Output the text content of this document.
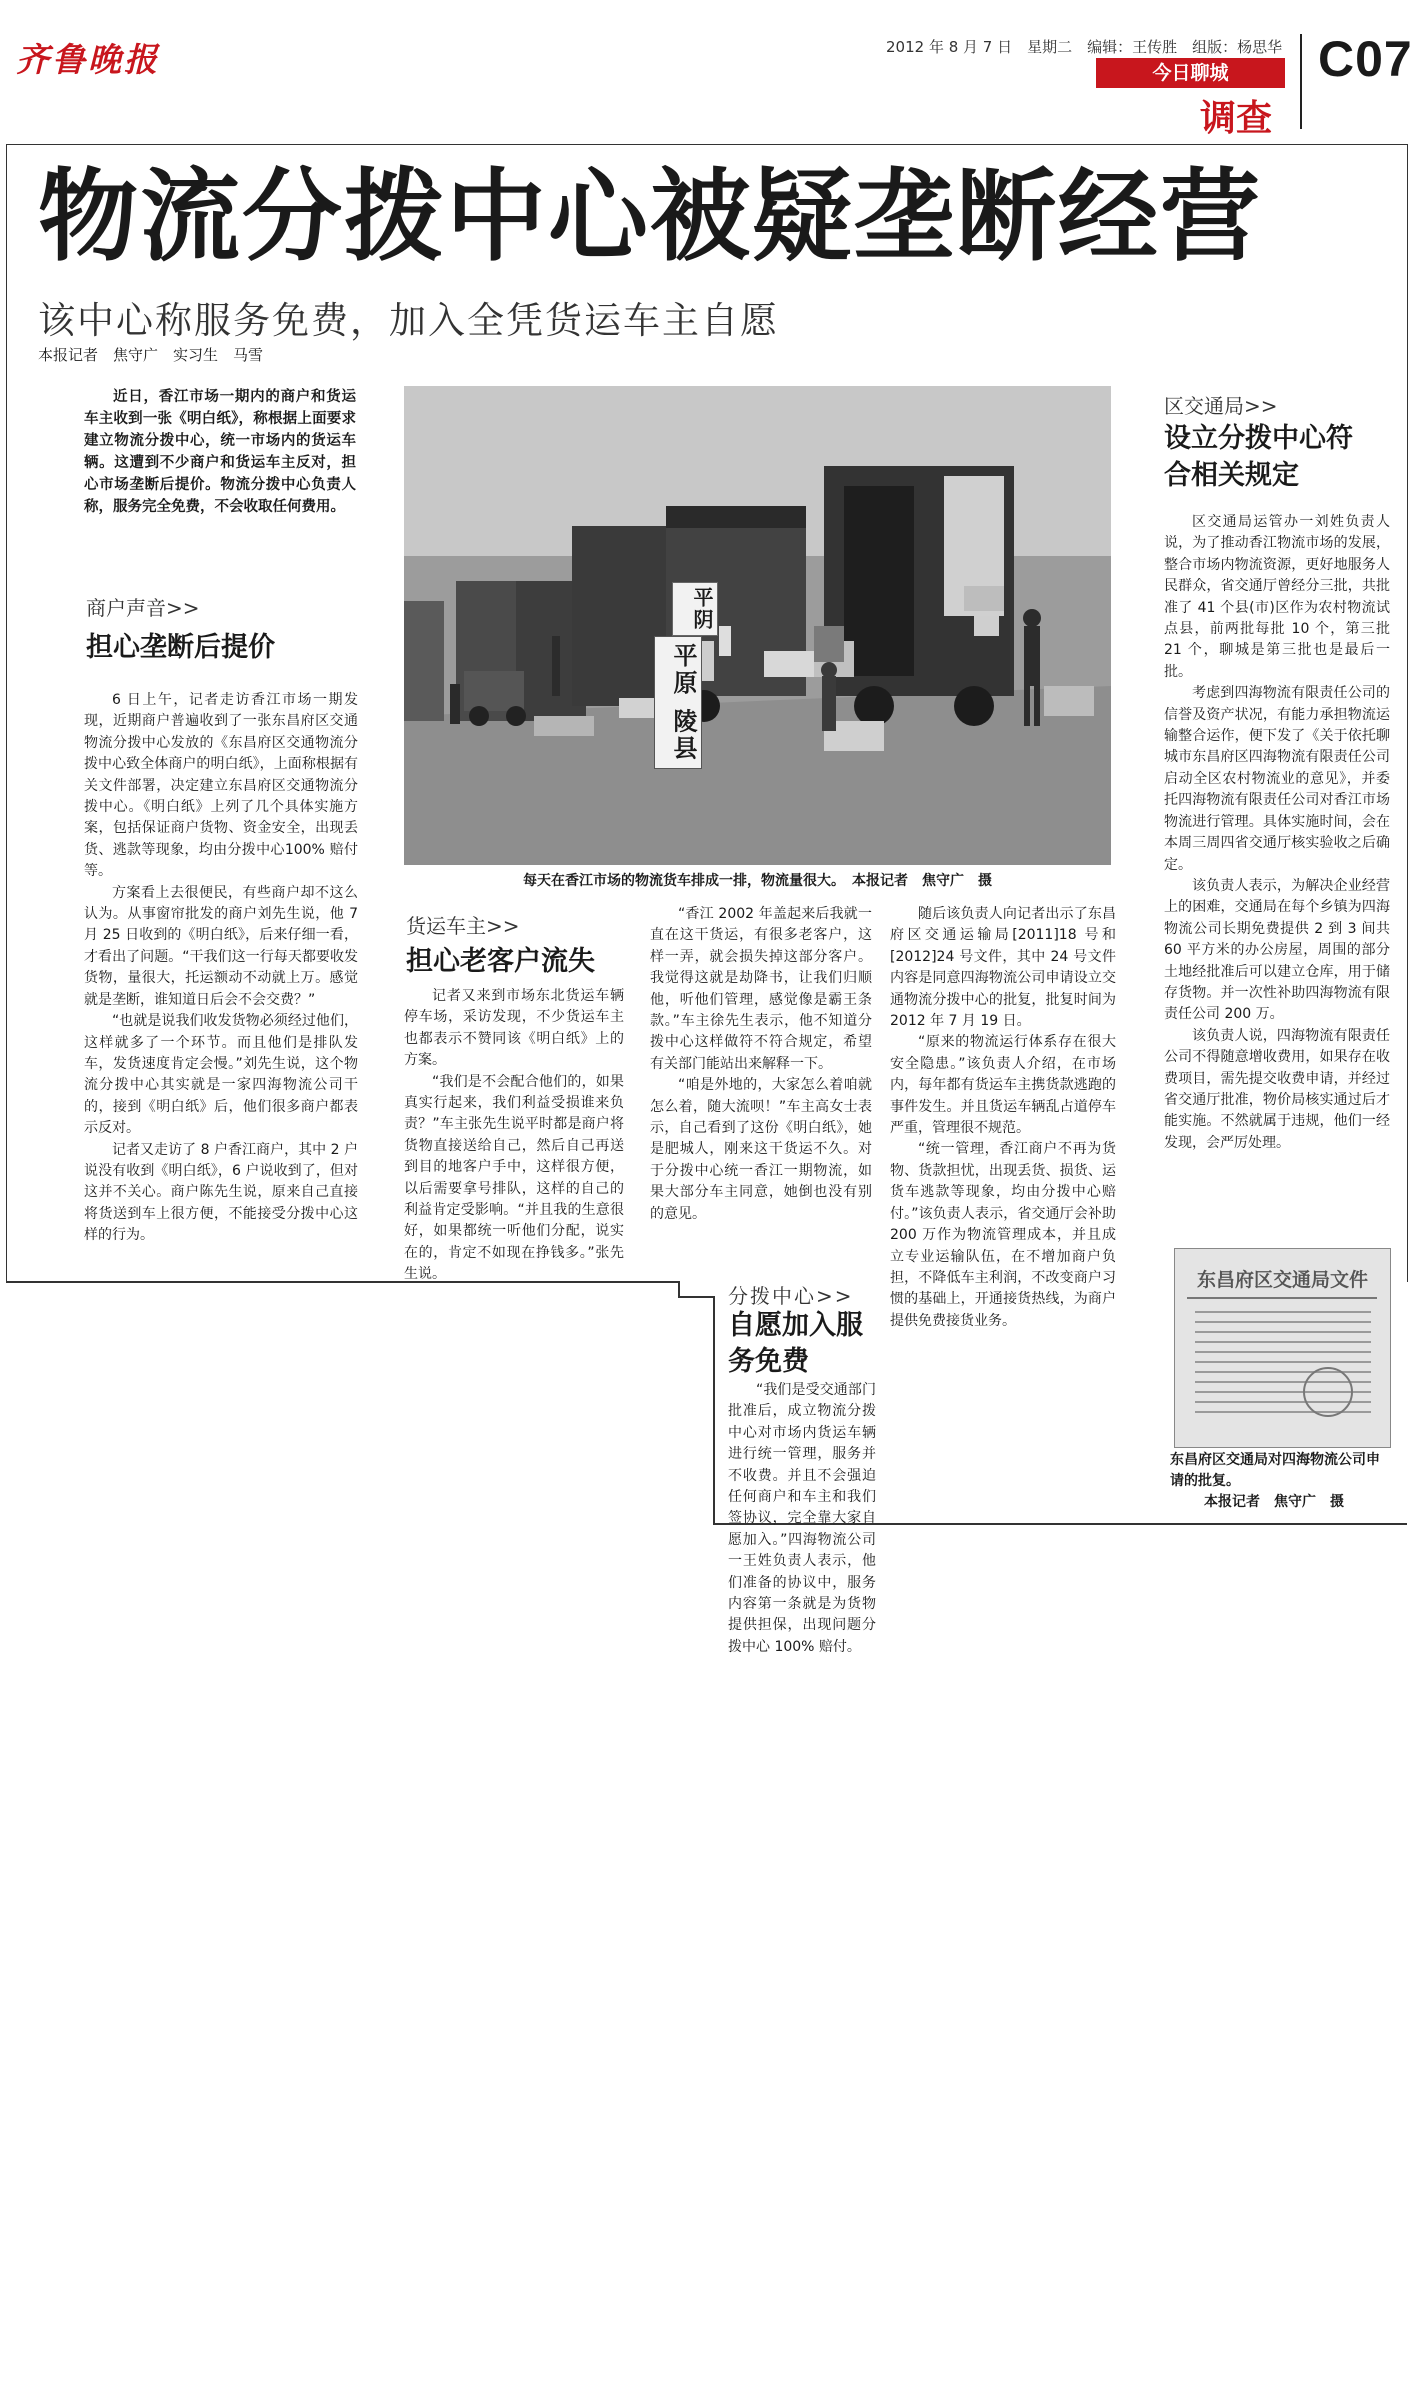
齐鲁晚报	2012 年 8 月 7 日　星期二　编辑：王传胜　组版：杨思华
今日聊城
调查
C07
物流分拨中心被疑垄断经营
该中心称服务免费，加入全凭货运车主自愿
本报记者　焦守广　实习生　马雪

近日，香江市场一期内的商户和货运车主收到一张《明白纸》，称根据上面要求建立物流分拨中心，统一市场内的货运车辆。这遭到不少商户和货运车主反对，担心市场垄断后提价。物流分拨中心负责人称，服务完全免费，不会收取任何费用。

商户声音>>
担心垄断后提价

6 日上午，记者走访香江市场一期发现，近期商户普遍收到了一张东昌府区交通物流分拨中心发放的《东昌府区交通物流分拨中心致全体商户的明白纸》，上面称根据有关文件部署，决定建立东昌府区交通物流分拨中心。《明白纸》上列了几个具体实施方案，包括保证商户货物、资金安全，出现丢货、逃款等现象，均由分拨中心100% 赔付等。

方案看上去很便民，有些商户却不这么认为。从事窗帘批发的商户刘先生说，他 7 月 25 日收到的《明白纸》，后来仔细一看，才看出了问题。“干我们这一行每天都要收发货物，量很大，托运额动不动就上万。感觉就是垄断，谁知道日后会不会交费？”

“也就是说我们收发货物必须经过他们，这样就多了一个环节。而且他们是排队发车，发货速度肯定会慢。”刘先生说，这个物流分拨中心其实就是一家四海物流公司干的，接到《明白纸》后，他们很多商户都表示反对。

记者又走访了 8 户香江商户，其中 2 户说没有收到《明白纸》，6 户说收到了，但对这并不关心。商户陈先生说，原来自己直接将货送到车上很方便，不能接受分拨中心这样的行为。

平阴
平原 陵县
每天在香江市场的物流货车排成一排，物流量很大。　本报记者　焦守广　摄
货运车主>>
担心老客户流失

记者又来到市场东北货运车辆停车场，采访发现，不少货运车主也都表示不赞同该《明白纸》上的方案。

“我们是不会配合他们的，如果真实行起来，我们利益受损谁来负责？”车主张先生说平时都是商户将货物直接送给自己，然后自己再送到目的地客户手中，这样很方便，以后需要拿号排队，这样的自己的利益肯定受影响。“并且我的生意很好，如果都统一听他们分配，说实在的，肯定不如现在挣钱多。”张先生说。

“香江 2002 年盖起来后我就一直在这干货运，有很多老客户，这样一弄，就会损失掉这部分客户。我觉得这就是劫降书，让我们归顺他，听他们管理，感觉像是霸王条款。”车主徐先生表示，他不知道分拨中心这样做符不符合规定，希望有关部门能站出来解释一下。

“咱是外地的，大家怎么着咱就怎么着，随大流呗！”车主高女士表示，自己看到了这份《明白纸》，她是肥城人，刚来这干货运不久。对于分拨中心统一香江一期物流，如果大部分车主同意，她倒也没有别的意见。

分拨中心>>
自愿加入服务免费

“我们是受交通部门批准后，成立物流分拨中心对市场内货运车辆进行统一管理，服务并不收费。并且不会强迫任何商户和车主和我们签协议，完全靠大家自愿加入。”四海物流公司一王姓负责人表示，他们准备的协议中，服务内容第一条就是为货物提供担保，出现问题分拨中心 100% 赔付。

随后该负责人向记者出示了东昌府区交通运输局[2011]18 号和[2012]24 号文件，其中 24 号文件内容是同意四海物流公司申请设立交通物流分拨中心的批复，批复时间为 2012 年 7 月 19 日。

“原来的物流运行体系存在很大安全隐患。”该负责人介绍，在市场内，每年都有货运车主携货款逃跑的事件发生。并且货运车辆乱占道停车严重，管理很不规范。

“统一管理，香江商户不再为货物、货款担忧，出现丢货、损货、运货车逃款等现象，均由分拨中心赔付。”该负责人表示，省交通厅会补助 200 万作为物流管理成本，并且成立专业运输队伍，在不增加商户负担，不降低车主利润，不改变商户习惯的基础上，开通接货热线，为商户提供免费接货业务。

区交通局>>
设立分拨中心符合相关规定

区交通局运管办一刘姓负责人说，为了推动香江物流市场的发展，整合市场内物流资源，更好地服务人民群众，省交通厅曾经分三批，共批准了 41 个县(市)区作为农村物流试点县，前两批每批 10 个，第三批 21 个，聊城是第三批也是最后一批。

考虑到四海物流有限责任公司的信誉及资产状况，有能力承担物流运输整合运作，便下发了《关于依托聊城市东昌府区四海物流有限责任公司启动全区农村物流业的意见》，并委托四海物流有限责任公司对香江市场物流进行管理。具体实施时间，会在本周三周四省交通厅核实验收之后确定。

该负责人表示，为解决企业经营上的困难，交通局在每个乡镇为四海物流公司长期免费提供 2 到 3 间共 60 平方米的办公房屋，周围的部分土地经批准后可以建立仓库，用于储存货物。并一次性补助四海物流有限责任公司 200 万。

该负责人说，四海物流有限责任公司不得随意增收费用，如果存在收费项目，需先提交收费申请，并经过省交通厅批准，物价局核实通过后才能实施。不然就属于违规，他们一经发现，会严厉处理。

东昌府区交通局文件
东昌府区交通局对四海物流公司申请的批复。
本报记者　焦守广　摄
